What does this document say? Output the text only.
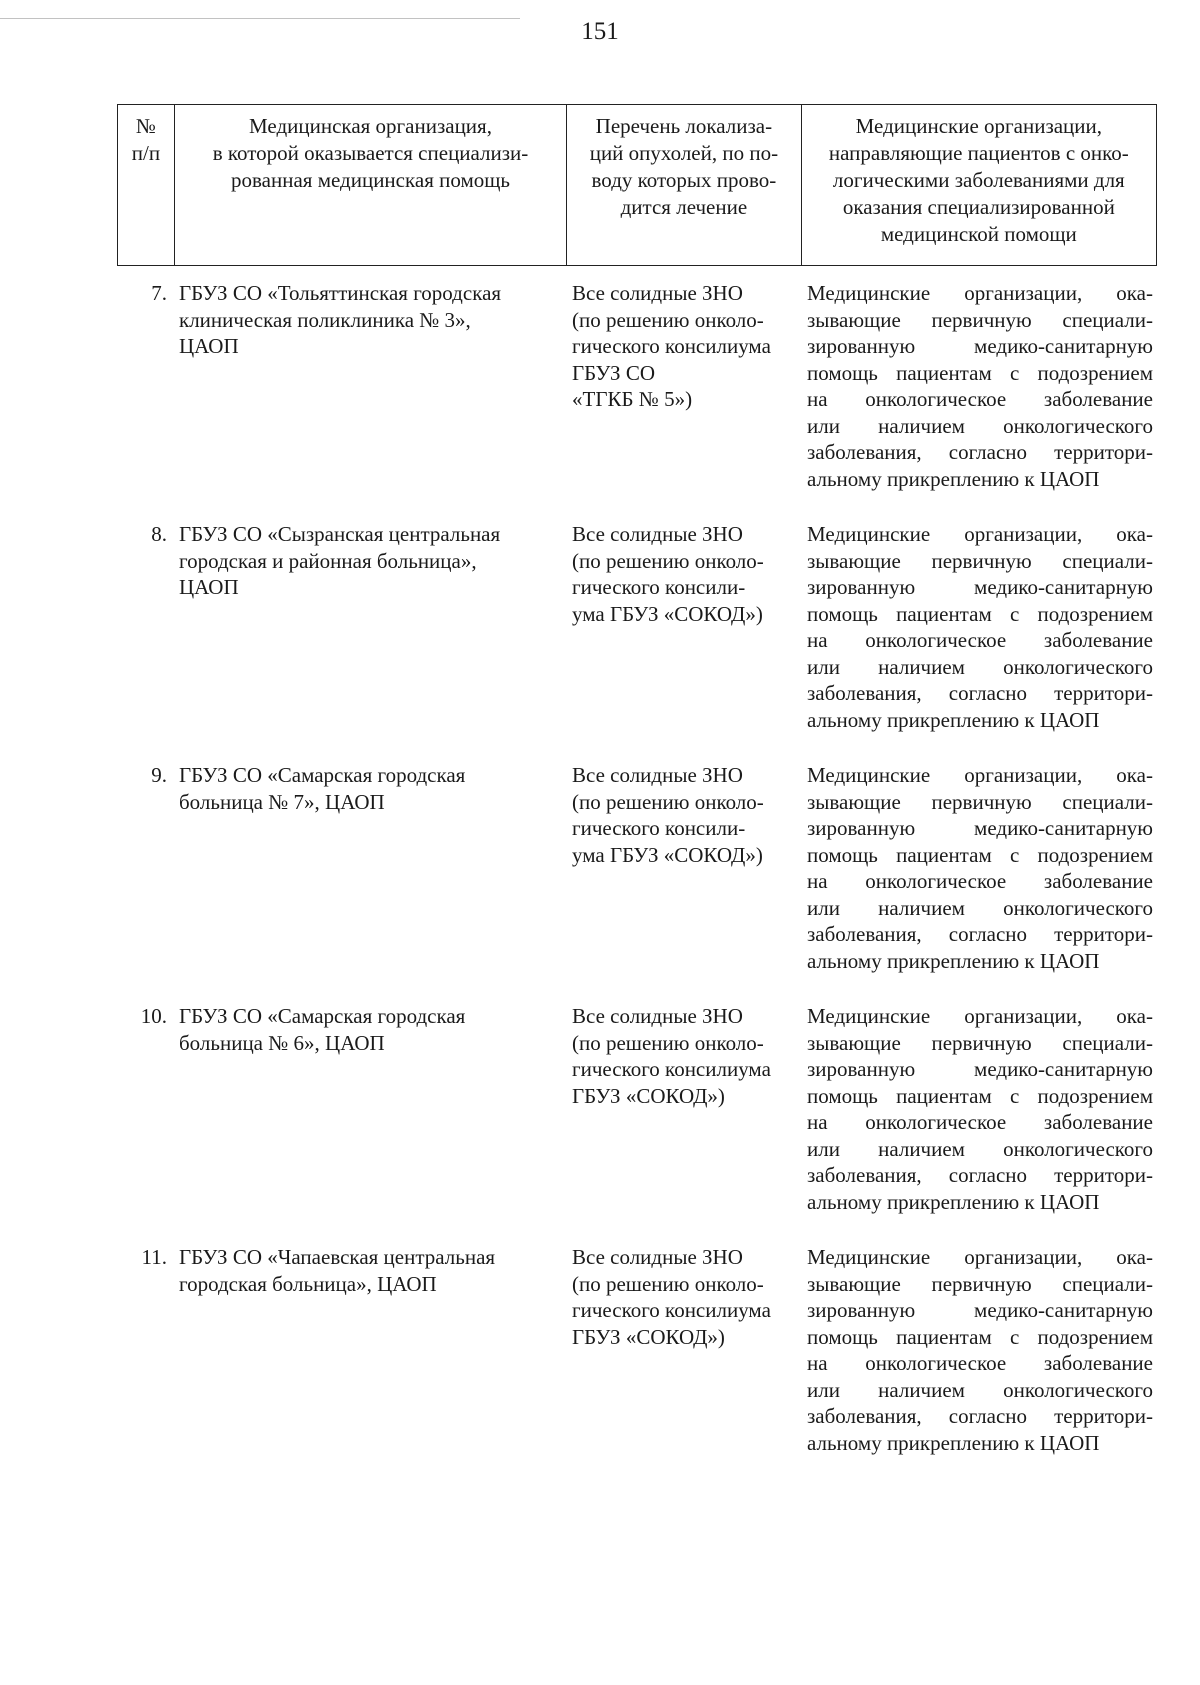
151
№
п/п
Медицинская организация,
в которой оказывается специализи-
рованная медицинская помощь
Перечень локализа-
ций опухолей, по по-
воду которых прово-
дится лечение
Медицинские организации,
направляющие пациентов с онко-
логическими заболеваниями для
оказания специализированной
медицинской помощи
7. ГБУЗ СО «Тольяттинская городская
клиническая поликлиника № 3»,
ЦАОП
Все солидные ЗНО
(по решению онколо-
гического консилиума
ГБУЗ СО
«ТГКБ № 5»)
Медицинские организации, ока-
зывающие первичную специали-
зированную медико-санитарную
помощь пациентам с подозрением
на онкологическое заболевание
или наличием онкологического
заболевания, согласно территори-
альному прикреплению к ЦАОП
8. ГБУЗ СО «Сызранская центральная
городская и районная больница»,
ЦАОП
Все солидные ЗНО
(по решению онколо-
гического консили-
ума ГБУЗ «СОКОД»)
Медицинские организации, ока-
зывающие первичную специали-
зированную медико-санитарную
помощь пациентам с подозрением
на онкологическое заболевание
или наличием онкологического
заболевания, согласно территори-
альному прикреплению к ЦАОП
9. ГБУЗ СО «Самарская городская
больница № 7», ЦАОП
Все солидные ЗНО
(по решению онколо-
гического консили-
ума ГБУЗ «СОКОД»)
Медицинские организации, ока-
зывающие первичную специали-
зированную медико-санитарную
помощь пациентам с подозрением
на онкологическое заболевание
или наличием онкологического
заболевания, согласно территори-
альному прикреплению к ЦАОП
10. ГБУЗ СО «Самарская городская
больница № 6», ЦАОП
Все солидные ЗНО
(по решению онколо-
гического консилиума
ГБУЗ «СОКОД»)
Медицинские организации, ока-
зывающие первичную специали-
зированную медико-санитарную
помощь пациентам с подозрением
на онкологическое заболевание
или наличием онкологического
заболевания, согласно территори-
альному прикреплению к ЦАОП
11. ГБУЗ СО «Чапаевская центральная
городская больница», ЦАОП
Все солидные ЗНО
(по решению онколо-
гического консилиума
ГБУЗ «СОКОД»)
Медицинские организации, ока-
зывающие первичную специали-
зированную медико-санитарную
помощь пациентам с подозрением
на онкологическое заболевание
или наличием онкологического
заболевания, согласно территори-
альному прикреплению к ЦАОП
